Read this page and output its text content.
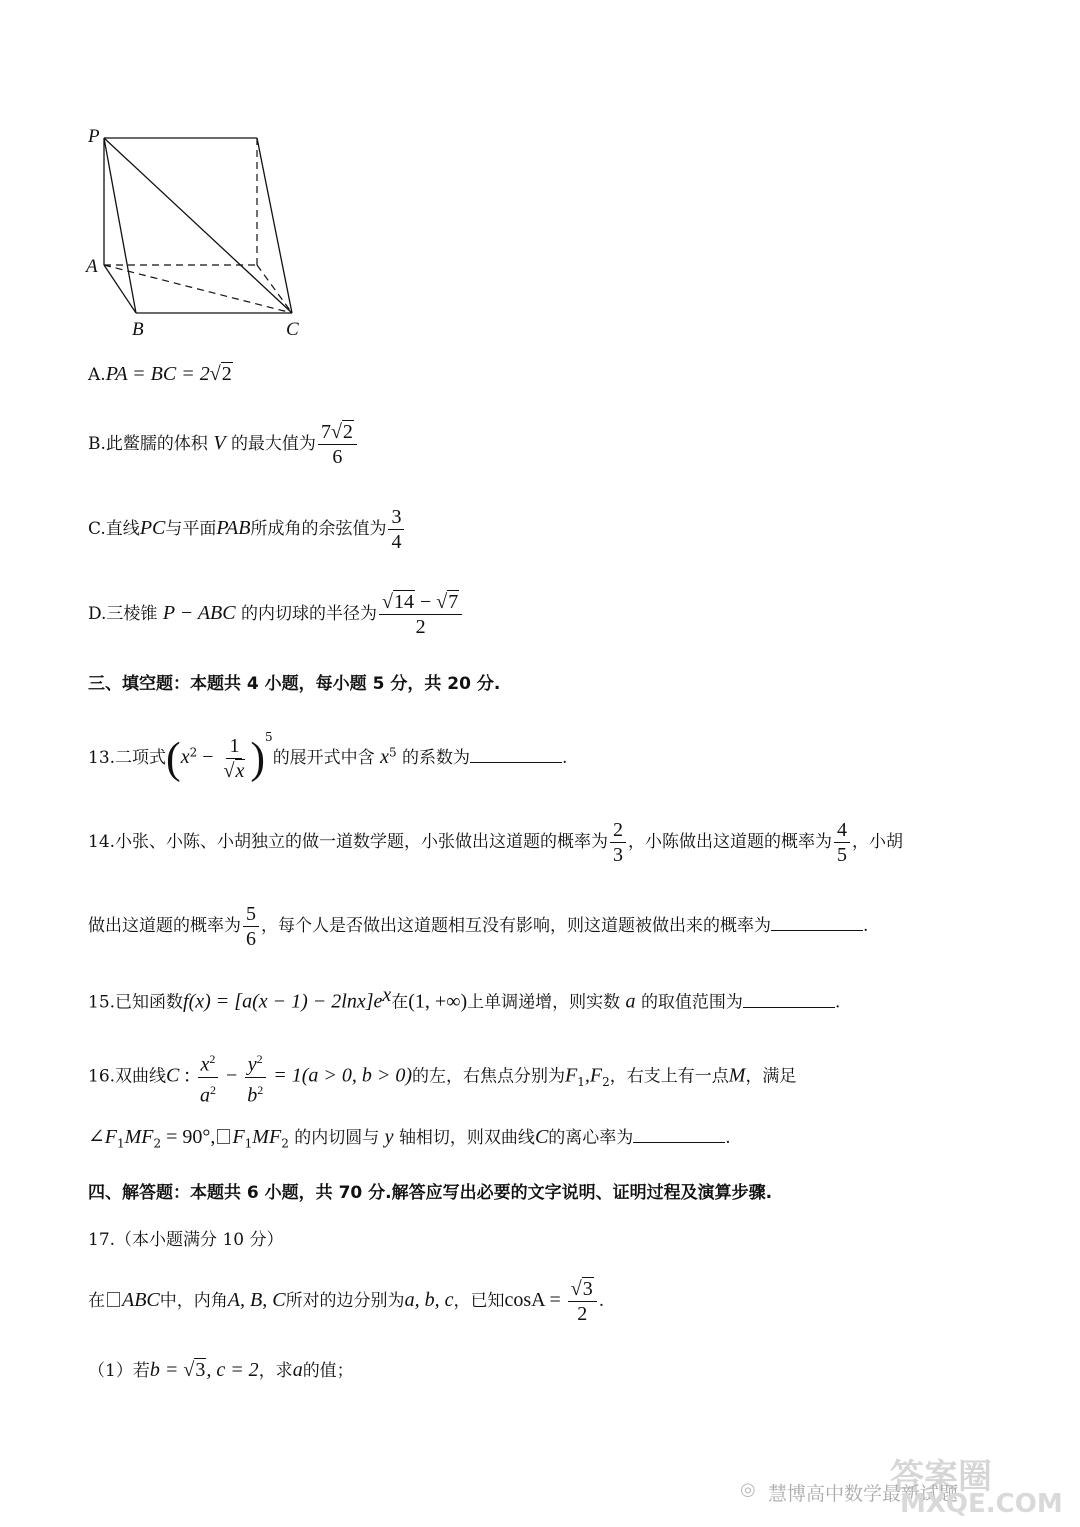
P
A
B	C
A.PA = BC = 2√2
B.此鳖臑的体积 V 的最大值为 $\frac{7√2}{6}$
C.直线PC与平面PAB所成角的余弦值为 $\frac{3}{4}$
D.三棱锥 P − ABC 的内切球的半径为 $\frac{√14 - √7}{2}$
三、填空题：本题共 4 小题，每小题 5 分，共 20 分.
13.二项式$(x^2 - \frac{1}{√x} )^5$的展开式中含 $x^5$ 的系数为	.
14.小张、小陈、小胡独立的做一道数学题，小张做出这道题的概率为 $\frac{2}{3}$ ，小陈做出这道题的概率为 $\frac{4}{5}$ ，小胡
做出这道题的概率为 $\frac{5}{6}$ ，每个人是否做出这道题相互没有影响，则这道题被做出来的概率为	.
15.已知函数$f(x) = [a(x - 1) - 2\ln x]e^x$在(1, +∞)上单调递增，则实数 a 的取值范围为	.
16.双曲线C : $\frac{x^2}{a^2} - \frac{y^2}{b^2} = 1(a > 0$, b > 0)的左，右焦点分别为$F_1,F_2$，右支上有一点M，满足
$\angle F_1MF_2 = 90^\circ$, $F_1MF_2$ 的内切圆与 y 轴相切，则双曲线C的离心率为	.
四、解答题：本题共 6 小题，共 70 分.解答应写出必要的文字说明、证明过程及演算步骤.
17.（本小题满分 10 分）
在 ABC中，内角A, B, C所对的边分别为a, b, c，已知$\cos A = \frac{√3}{2}$ .
（1）若b = √3, c = 2，求a的值；
◎	答案圈
慧博高中数学最新试题
MXQE.COM
